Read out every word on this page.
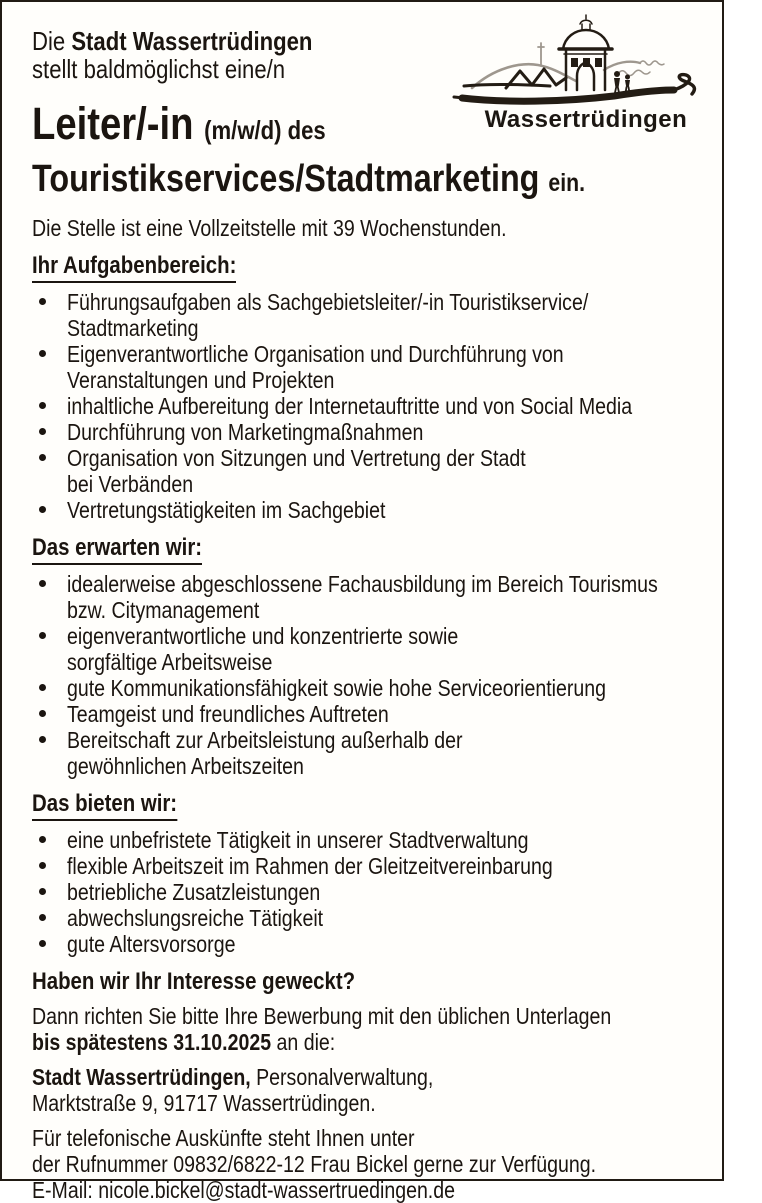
Wassertrüdingen

Die Stadt Wassertrüdingen
stellt baldmöglichst eine/n

Leiter/-in (m/w/d) des
Touristikservices/Stadtmarketing ein.

Die Stelle ist eine Vollzeitstelle mit 39 Wochenstunden.

Ihr Aufgabenbereich:
Führungsaufgaben als Sachgebietsleiter/-in Touristikservice/
Stadtmarketing
Eigenverantwortliche Organisation und Durchführung von
Veranstaltungen und Projekten
inhaltliche Aufbereitung der Internetauftritte und von Social Media
Durchführung von Marketingmaßnahmen
Organisation von Sitzungen und Vertretung der Stadt
bei Verbänden
Vertretungstätigkeiten im Sachgebiet
Das erwarten wir:
idealerweise abgeschlossene Fachausbildung im Bereich Tourismus
bzw. Citymanagement
eigenverantwortliche und konzentrierte sowie
sorgfältige Arbeitsweise
gute Kommunikationsfähigkeit sowie hohe Serviceorientierung
Teamgeist und freundliches Auftreten
Bereitschaft zur Arbeitsleistung außerhalb der
gewöhnlichen Arbeitszeiten
Das bieten wir:
eine unbefristete Tätigkeit in unserer Stadtverwaltung
flexible Arbeitszeit im Rahmen der Gleitzeitvereinbarung
betriebliche Zusatzleistungen
abwechslungsreiche Tätigkeit
gute Altersvorsorge

Haben wir Ihr Interesse geweckt?

Dann richten Sie bitte Ihre Bewerbung mit den üblichen Unterlagen
bis spätestens 31.10.2025 an die:

Stadt Wassertrüdingen, Personalverwaltung,
Marktstraße 9, 91717 Wassertrüdingen.

Für telefonische Auskünfte steht Ihnen unter
der Rufnummer 09832/6822-12 Frau Bickel gerne zur Verfügung.
E-Mail: nicole.bickel@stadt-wassertruedingen.de
